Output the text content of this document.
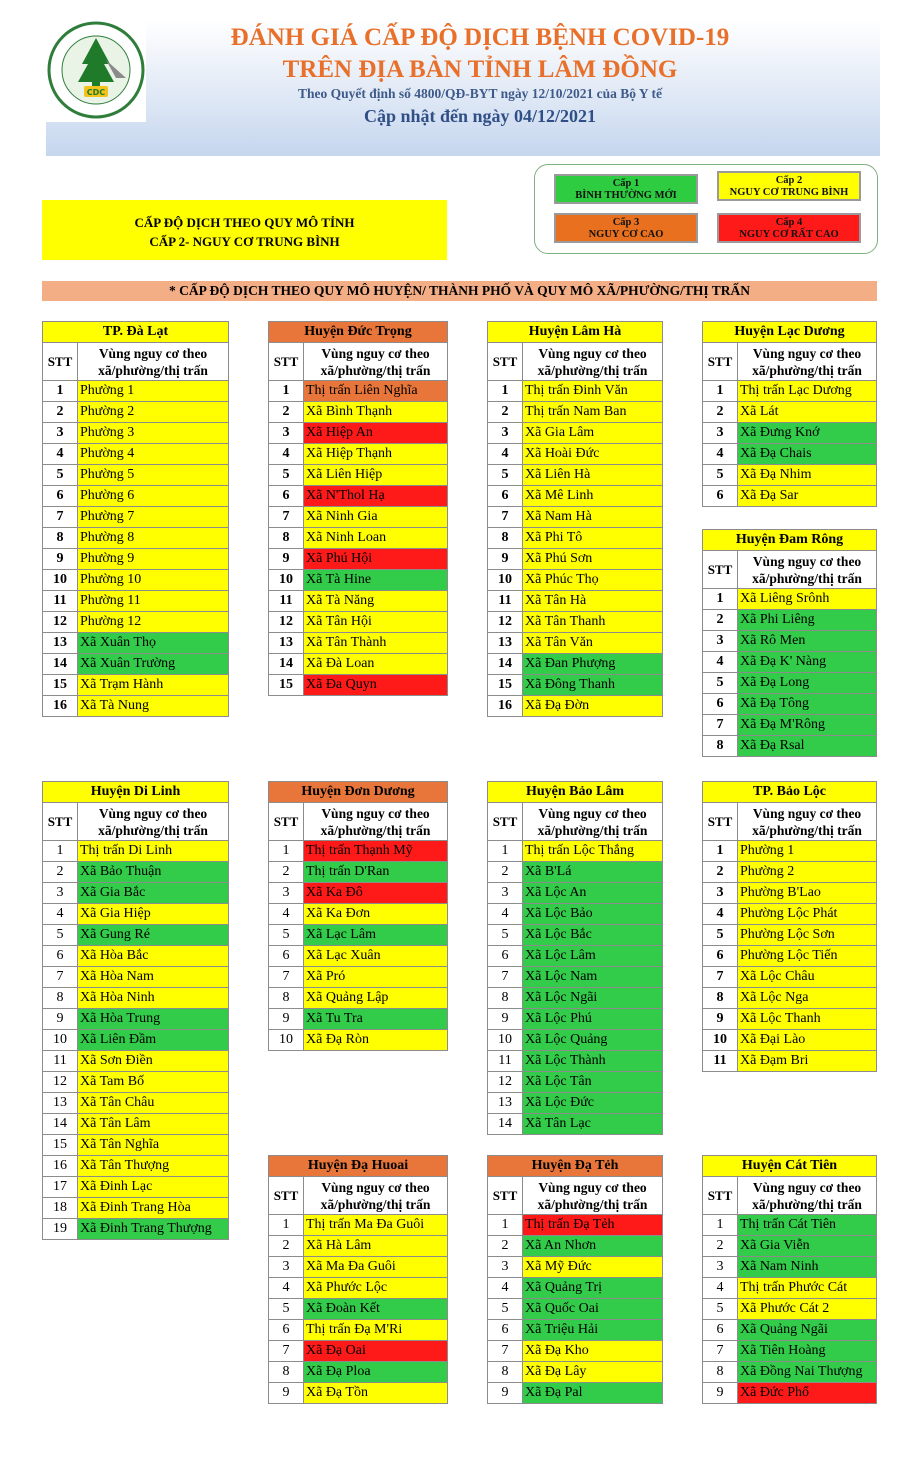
CDC
ĐÁNH GIÁ CẤP ĐỘ DỊCH BỆNH COVID-19
TRÊN ĐỊA BÀN TỈNH LÂM ĐỒNG
Theo Quyết định số 4800/QĐ-BYT ngày 12/10/2021 của Bộ Y tế
Cập nhật đến ngày 04/12/2021
CẤP ĐỘ DỊCH THEO QUY MÔ TỈNH
CẤP 2- NGUY CƠ TRUNG BÌNH
Cấp 1
BÌNH THƯỜNG MỚI
Cấp 2
NGUY CƠ TRUNG BÌNH
Cấp 3
NGUY CƠ CAO
Cấp 4
NGUY CƠ RẤT CAO
* CẤP ĐỘ DỊCH THEO QUY MÔ HUYỆN/ THÀNH PHỐ VÀ QUY MÔ XÃ/PHƯỜNG/THỊ TRẤN
TP. Đà Lạt	
STT	Vùng nguy cơ theo xã/phường/thị trấn
1	Phường 1
2	Phường 2
3	Phường 3
4	Phường 4
5	Phường 5
6	Phường 6
7	Phường 7
8	Phường 8
9	Phường 9
10	Phường 10
11	Phường 11
12	Phường 12
13	Xã Xuân Thọ
14	Xã Xuân Trường
15	Xã Trạm Hành
16	Xã Tà Nung
Huyện Đức Trọng	
STT	Vùng nguy cơ theo xã/phường/thị trấn
1	Thị trấn Liên Nghĩa
2	Xã Bình Thạnh
3	Xã Hiệp An
4	Xã Hiệp Thạnh
5	Xã Liên Hiệp
6	Xã N'Thol Hạ
7	Xã Ninh Gia
8	Xã Ninh Loan
9	Xã Phú Hội
10	Xã Tà Hine
11	Xã Tà Năng
12	Xã Tân Hội
13	Xã Tân Thành
14	Xã Đà Loan
15	Xã Đa Quyn
Huyện Lâm Hà	
STT	Vùng nguy cơ theo xã/phường/thị trấn
1	Thị trấn Đinh Văn
2	Thị trấn Nam Ban
3	Xã Gia Lâm
4	Xã Hoài Đức
5	Xã Liên Hà
6	Xã Mê Linh
7	Xã Nam Hà
8	Xã Phi Tô
9	Xã Phú Sơn
10	Xã Phúc Thọ
11	Xã Tân Hà
12	Xã Tân Thanh
13	Xã Tân Văn
14	Xã Đan Phượng
15	Xã Đông Thanh
16	Xã Đạ Đờn
Huyện Lạc Dương	
STT	Vùng nguy cơ theo xã/phường/thị trấn
1	Thị trấn Lạc Dương
2	Xã Lát
3	Xã Đưng Knớ
4	Xã Đạ Chais
5	Xã Đạ Nhim
6	Xã Đạ Sar
Huyện Đam Rông	
STT	Vùng nguy cơ theo xã/phường/thị trấn
1	Xã Liêng Srônh
2	Xã Phi Liêng
3	Xã Rô Men
4	Xã Đạ K' Nàng
5	Xã Đạ Long
6	Xã Đạ Tông
7	Xã Đạ M'Rông
8	Xã Đạ Rsal
Huyện Di Linh	
STT	Vùng nguy cơ theo xã/phường/thị trấn
1	Thị trấn Di Linh
2	Xã Bảo Thuận
3	Xã Gia Bắc
4	Xã Gia Hiệp
5	Xã Gung Ré
6	Xã Hòa Bắc
7	Xã Hòa Nam
8	Xã Hòa Ninh
9	Xã Hòa Trung
10	Xã Liên Đầm
11	Xã Sơn Điền
12	Xã Tam Bố
13	Xã Tân Châu
14	Xã Tân Lâm
15	Xã Tân Nghĩa
16	Xã Tân Thượng
17	Xã Đinh Lạc
18	Xã Đinh Trang Hòa
19	Xã Đinh Trang Thượng
Huyện Đơn Dương	
STT	Vùng nguy cơ theo xã/phường/thị trấn
1	Thị trấn Thạnh Mỹ
2	Thị trấn D'Ran
3	Xã Ka Đô
4	Xã Ka Đơn
5	Xã Lạc Lâm
6	Xã Lạc Xuân
7	Xã Pró
8	Xã Quảng Lập
9	Xã Tu Tra
10	Xã Đạ Ròn
Huyện Bảo Lâm	
STT	Vùng nguy cơ theo xã/phường/thị trấn
1	Thị trấn Lộc Thắng
2	Xã B'Lá
3	Xã Lộc An
4	Xã Lộc Bảo
5	Xã Lộc Bắc
6	Xã Lộc Lâm
7	Xã Lộc Nam
8	Xã Lộc Ngãi
9	Xã Lộc Phú
10	Xã Lộc Quảng
11	Xã Lộc Thành
12	Xã Lộc Tân
13	Xã Lộc Đức
14	Xã Tân Lạc
TP. Bảo Lộc	
STT	Vùng nguy cơ theo xã/phường/thị trấn
1	Phường 1
2	Phường 2
3	Phường B'Lao
4	Phường Lộc Phát
5	Phường Lộc Sơn
6	Phường Lộc Tiến
7	Xã Lộc Châu
8	Xã Lộc Nga
9	Xã Lộc Thanh
10	Xã Đại Lào
11	Xã Đạm Bri
Huyện Đạ Huoai	
STT	Vùng nguy cơ theo xã/phường/thị trấn
1	Thị trấn Ma Đa Guôi
2	Xã Hà Lâm
3	Xã Ma Đa Guôi
4	Xã Phước Lộc
5	Xã Đoàn Kết
6	Thị trấn Đạ M'Ri
7	Xã Đạ Oai
8	Xã Đạ Ploa
9	Xã Đạ Tồn
Huyện Đạ Tẻh	
STT	Vùng nguy cơ theo xã/phường/thị trấn
1	Thị trấn Đạ Tẻh
2	Xã An Nhơn
3	Xã Mỹ Đức
4	Xã Quảng Trị
5	Xã Quốc Oai
6	Xã Triệu Hải
7	Xã Đạ Kho
8	Xã Đạ Lây
9	Xã Đạ Pal
Huyện Cát Tiên	
STT	Vùng nguy cơ theo xã/phường/thị trấn
1	Thị trấn Cát Tiên
2	Xã Gia Viễn
3	Xã Nam Ninh
4	Thị trấn Phước Cát
5	Xã Phước Cát 2
6	Xã Quảng Ngãi
7	Xã Tiên Hoàng
8	Xã Đồng Nai Thượng
9	Xã Đức Phổ
